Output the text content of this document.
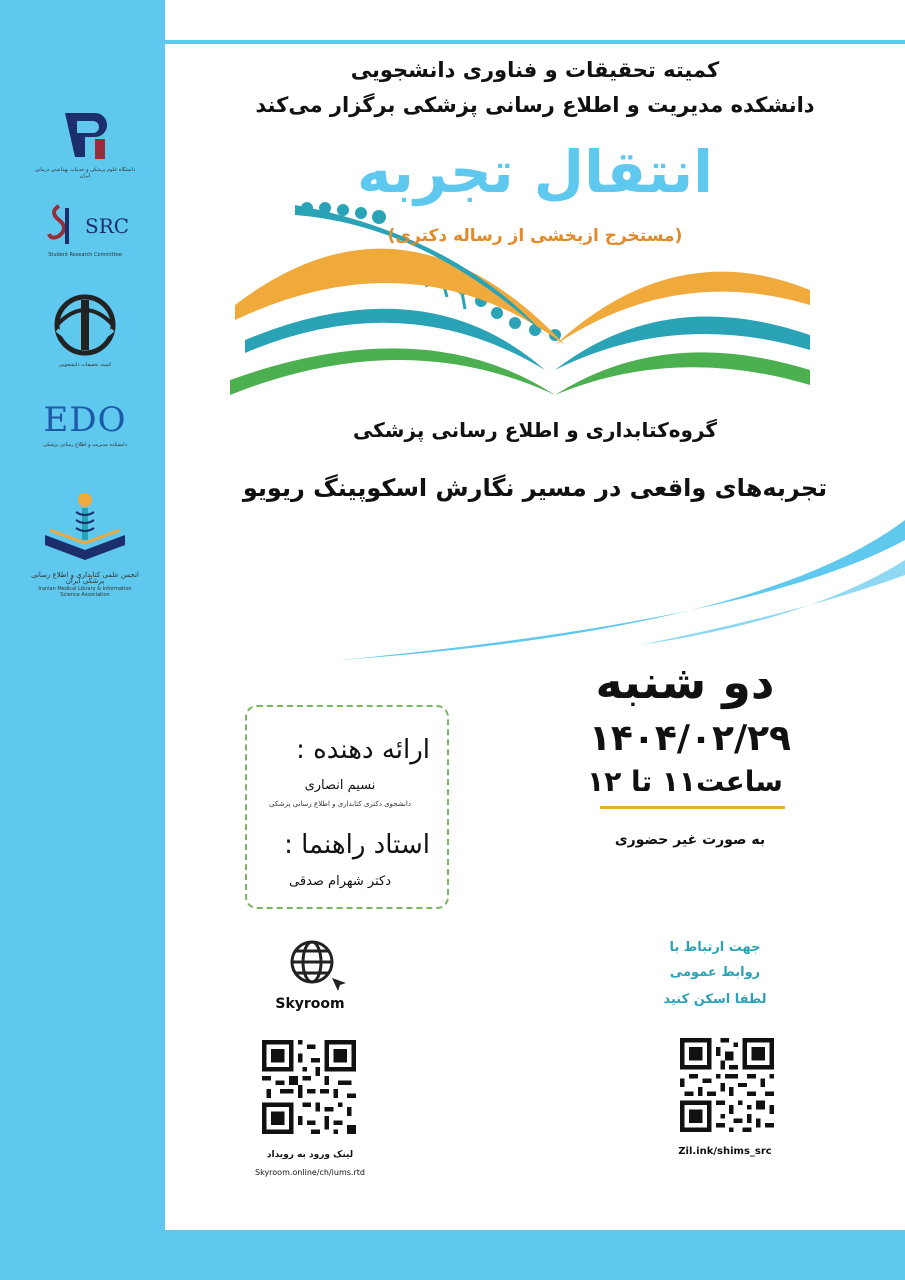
دانشگاه علوم پزشکی و خدمات بهداشتی درمانی ایران
SRC
Student Research Committee
کمیته تحقیقات دانشجویی
EDO
دانشکده مدیریت و اطلاع رسانی پزشکی
انجمن علمی کتابداری و اطلاع رسانی پزشکی ایران
Iranian Medical Library & Information Science Association
کمیته تحقیقات و فناوری دانشجویی
دانشکده مدیریت و اطلاع رسانی پزشکی برگزار می‌کند
انتقال تجربه
(مستخرج ازبخشی از رساله دکتری)
گروه‌کتابداری و اطلاع رسانی پزشکی
تجربه‌های واقعی در مسیر نگارش اسکوپینگ ریویو
دو شنبه
۱۴۰۴/۰۲/۲۹
ساعت۱۱ تا ۱۲
به صورت غیر حضوری
ارائه دهنده :
نسیم انصاری
دانشجوی دکتری کتابداری و اطلاع رسانی پزشکی
استاد راهنما :
دکتر شهرام صدقی
Skyroom
لینک ورود به رویداد
Skyroom.online/ch/iums.rtd
جهت ارتباط با
روابط عمومی
لطفا اسکن کنید
Zil.ink/shims_src
